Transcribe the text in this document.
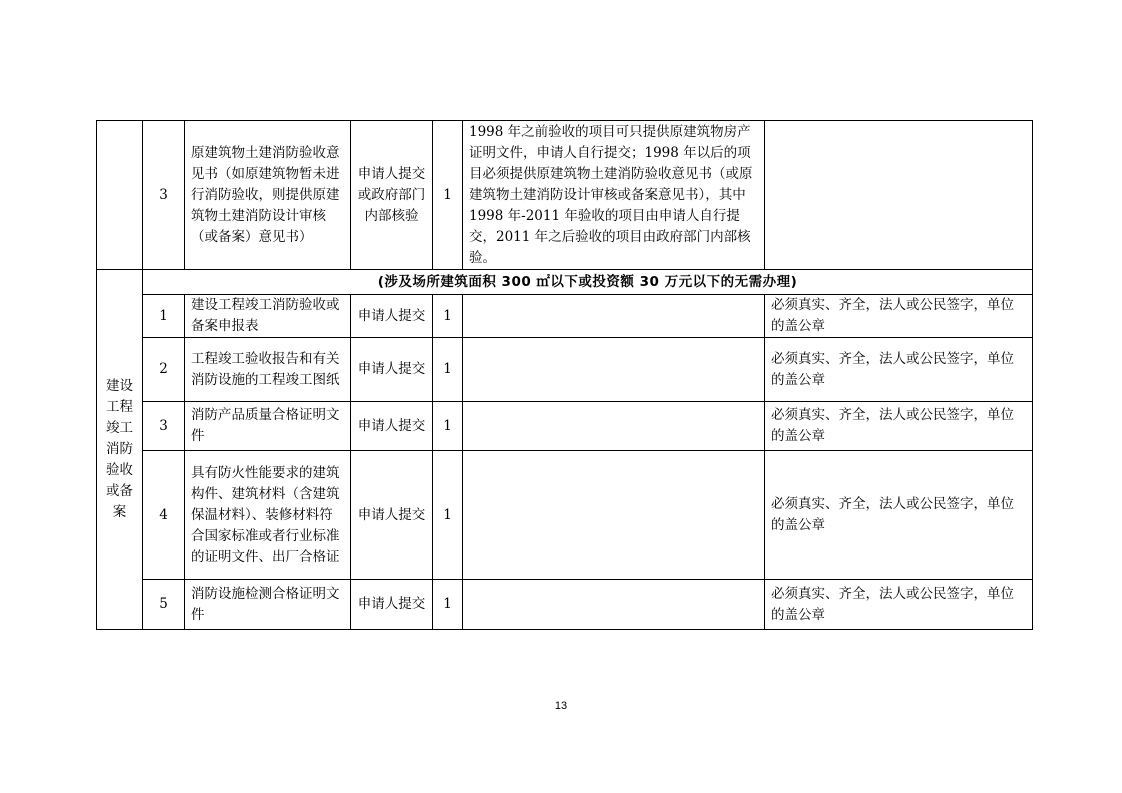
	3	原建筑物土建消防验收意见书（如原建筑物暂未进行消防验收，则提供原建筑物土建消防设计审核（或备案）意见书）	申请人提交或政府部门内部核验	1	1998 年之前验收的项目可只提供原建筑物房产证明文件，申请人自行提交；1998 年以后的项目必须提供原建筑物土建消防验收意见书（或原建筑物土建消防设计审核或备案意见书），其中 1998 年-2011 年验收的项目由申请人自行提交，2011 年之后验收的项目由政府部门内部核验。	
建设工程竣工消防验收或备案	(涉及场所建筑面积 300 ㎡以下或投资额 30 万元以下的无需办理)					
	1	建设工程竣工消防验收或备案申报表	申请人提交	1		必须真实、齐全，法人或公民签字，单位的盖公章
	2	工程竣工验收报告和有关消防设施的工程竣工图纸	申请人提交	1		必须真实、齐全，法人或公民签字，单位的盖公章
	3	消防产品质量合格证明文件	申请人提交	1		必须真实、齐全，法人或公民签字，单位的盖公章
	4	具有防火性能要求的建筑构件、建筑材料（含建筑保温材料）、装修材料符合国家标准或者行业标准的证明文件、出厂合格证	申请人提交	1		必须真实、齐全，法人或公民签字，单位的盖公章
	5	消防设施检测合格证明文件	申请人提交	1		必须真实、齐全，法人或公民签字，单位的盖公章
13
